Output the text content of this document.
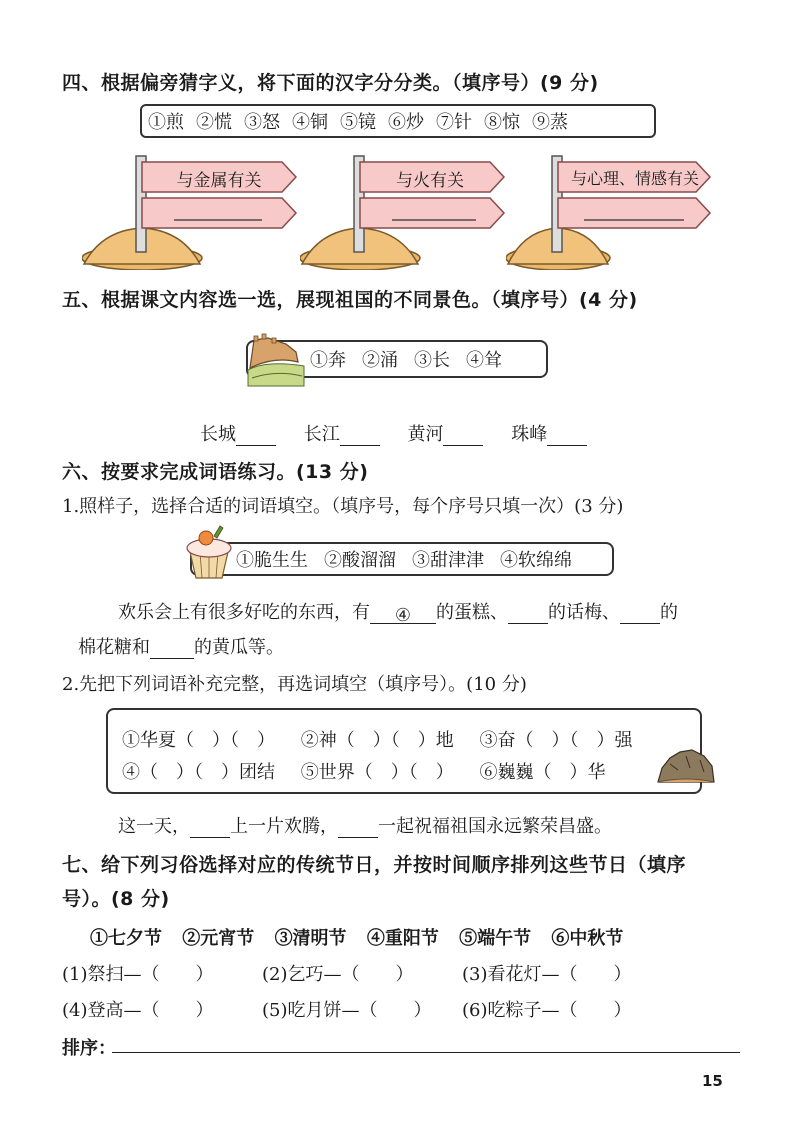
四、根据偏旁猜字义，将下面的汉字分分类。（填序号）(9 分)
①煎 ②慌 ③怒 ④铜 ⑤镜 ⑥炒 ⑦针 ⑧惊 ⑨蒸
与金属有关	与火有关	与心理、情感有关
五、根据课文内容选一选，展现祖国的不同景色。（填序号）(4 分)
①奔 ②涌 ③长 ④耸
长城	长江	黄河	珠峰
六、按要求完成词语练习。(13 分)
1.照样子，选择合适的词语填空。（填序号，每个序号只填一次）(3 分)
①脆生生 ②酸溜溜 ③甜津津 ④软绵绵
欢乐会上有很多好吃的东西，有 ④ 的蛋糕、 的话梅、 的
棉花糖和 的黄瓜等。
2.先把下列词语补充完整，再选词填空（填序号）。(10 分)
①华夏（　）（　） ②神（　）（　）地 ③奋（　）（　）强
④（　）（　）团结 ⑤世界（　）（　） ⑥巍巍（　）华
这一天， 上一片欢腾， 一起祝福祖国永远繁荣昌盛。
七、给下列习俗选择对应的传统节日，并按时间顺序排列这些节日（填序
号）。(8 分)
①七夕节 ②元宵节 ③清明节 ④重阳节 ⑤端午节 ⑥中秋节
(1)祭扫—（　　）	(2)乞巧—（　　）	(3)看花灯—（　　）
(4)登高—（　　）	(5)吃月饼—（　　） (6)吃粽子—（　　）
排序：
15
